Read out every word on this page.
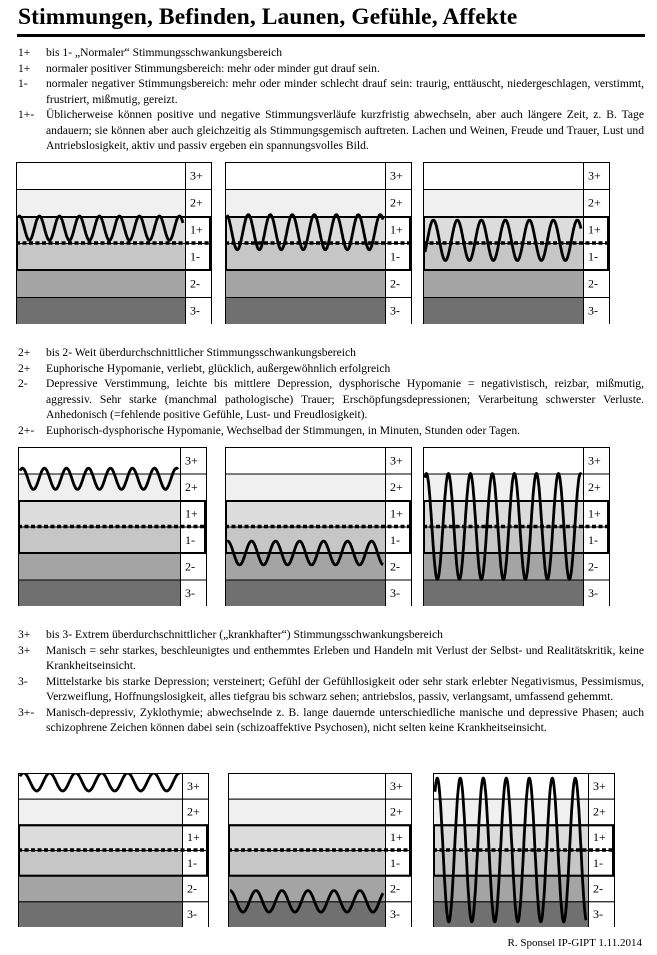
Stimmungen, Befinden, Launen, Gefühle, Affekte
1+	bis 1- „Normaler“ Stimmungsschwankungsbereich
1+	normaler positiver Stimmungsbereich: mehr oder minder gut drauf sein.
1-	normaler negativer Stimmungsbereich: mehr oder minder schlecht drauf sein: traurig, enttäuscht, niedergeschlagen, verstimmt, frustriert, mißmutig, gereizt.
1+-	Üblicherweise können positive und negative Stimmungsverläufe kurzfristig abwechseln, aber auch längere Zeit, z. B. Tage andauern; sie können aber auch gleichzeitig als Stimmungsgemisch auftreten. Lachen und Weinen, Freude und Trauer, Lust und Antriebslosigkeit, aktiv und passiv ergeben ein spannungsvolles Bild.
2+	bis 2- Weit überdurchschnittlicher Stimmungsschwankungsbereich
2+	Euphorische Hypomanie, verliebt, glücklich, außergewöhnlich erfolgreich
2-	Depressive Verstimmung, leichte bis mittlere Depression, dysphorische Hypomanie = negativistisch, reizbar, mißmutig, aggressiv. Sehr starke (manchmal pathologische) Trauer; Erschöpfungsdepressionen; Verarbeitung schwerster Verluste. Anhedonisch (=fehlende positive Gefühle, Lust- und Freudlosigkeit).
2+-	Euphorisch-dysphorische Hypomanie, Wechselbad der Stimmungen, in Minuten, Stunden oder Tagen.
3+	bis 3- Extrem überdurchschnittlicher („krankhafter“) Stimmungsschwankungsbereich
3+	Manisch = sehr starkes, beschleunigtes und enthemmtes Erleben und Handeln mit Verlust der Selbst- und Realitätskritik, keine Krankheitseinsicht.
3-	Mittelstarke bis starke Depression; versteinert; Gefühl der Gefühllosigkeit oder sehr stark erlebter Negativismus, Pessimismus, Verzweiflung, Hoffnungslosigkeit, alles tiefgrau bis schwarz sehen; antriebslos, passiv, verlangsamt, umfassend gehemmt.
3+-	Manisch-depressiv, Zyklothymie; abwechselnde z. B. lange dauernde unterschiedliche manische und depressive Phasen; auch schizophrene Zeichen können dabei sein (schizoaffektive Psychosen), nicht selten keine Krankheitseinsicht.
3+
2+
1+
1-
2-
3-
3+
2+
1+
1-
2-
3-
3+
2+
1+
1-
2-
3-
3+
2+
1+
1-
2-
3-
3+
2+
1+
1-
2-
3-
3+
2+
1+
1-
2-
3-
3+
2+
1+
1-
2-
3-
3+
2+
1+
1-
2-
3-
3+
2+
1+
1-
2-
3-
R. Sponsel IP-GIPT 1.11.2014
